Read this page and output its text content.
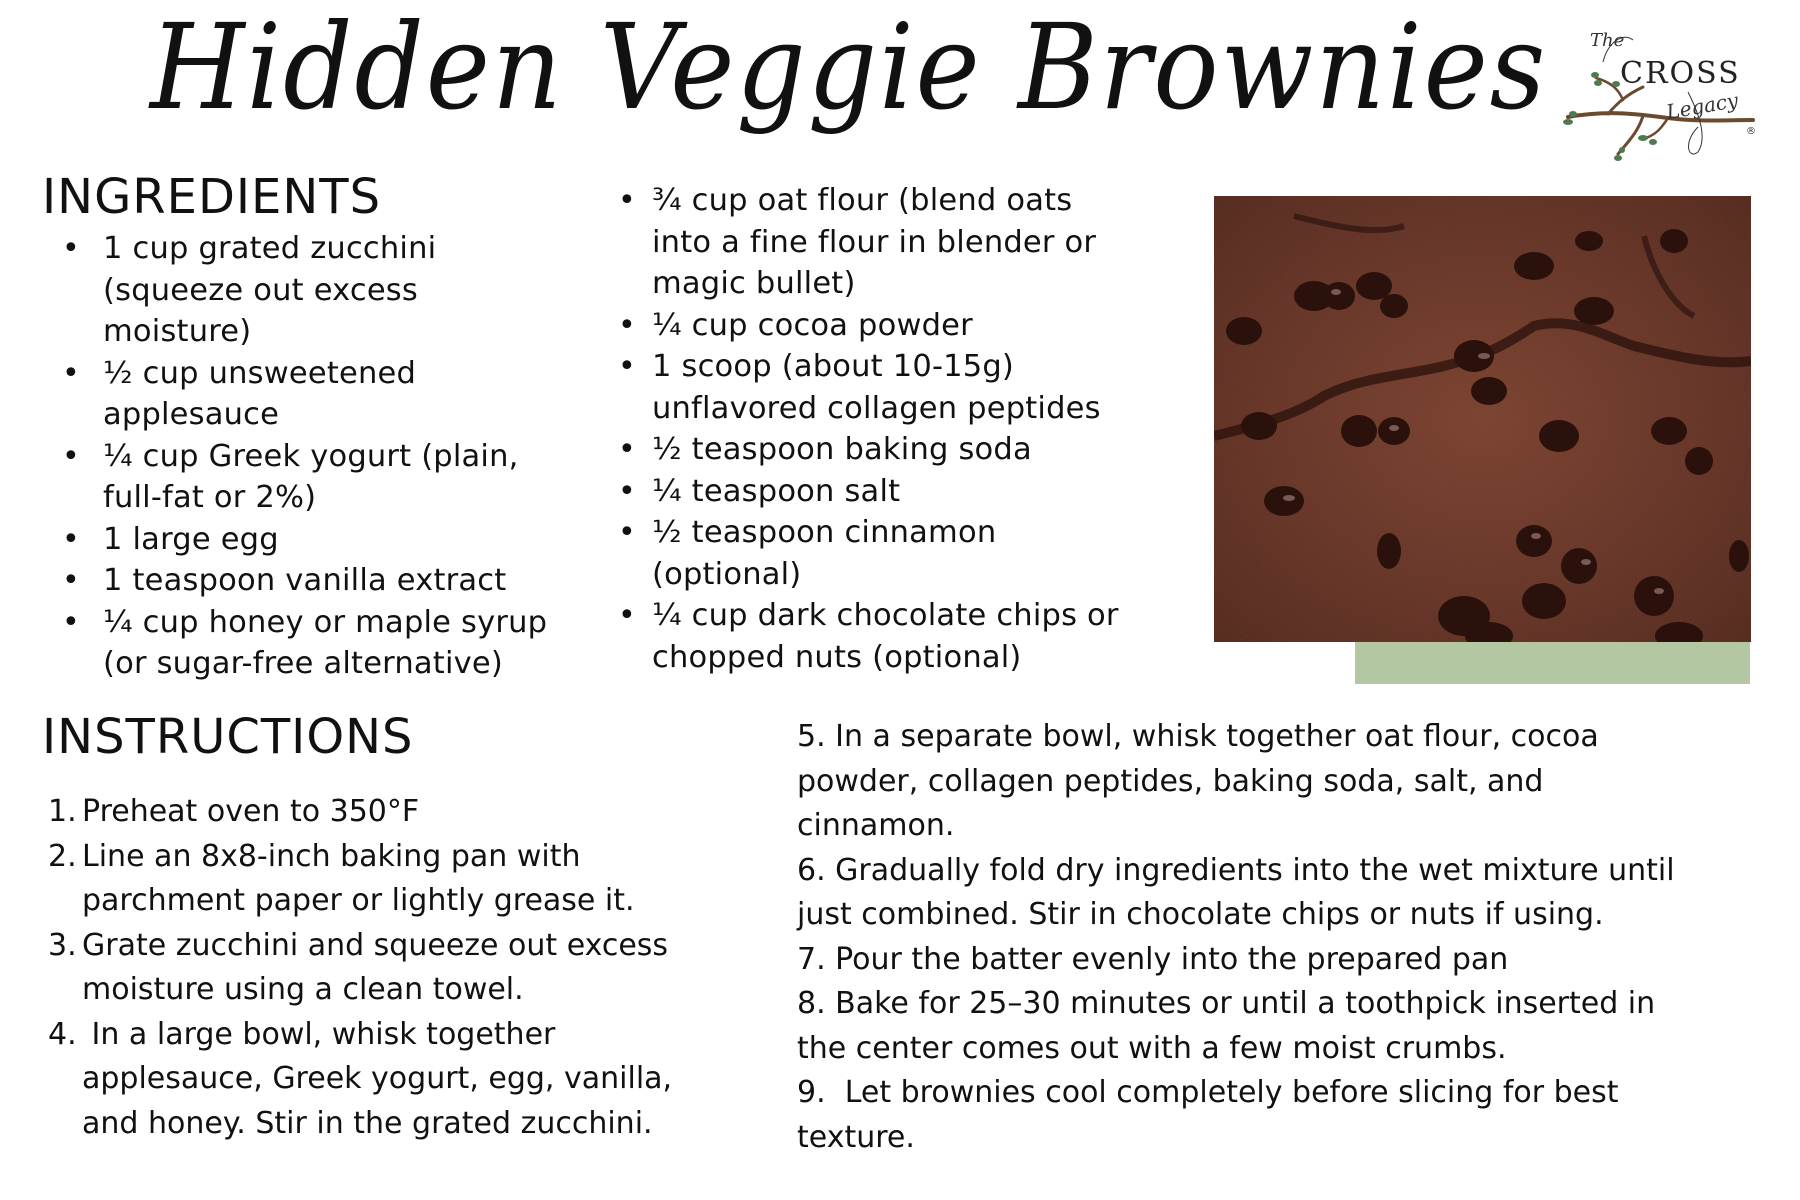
Hidden Veggie Brownies The
CROSS
Legacy
®
INGREDIENTS
• 1 cup grated zucchini
(squeeze out excess
moisture)
• ½ cup unsweetened
applesauce
• ¼ cup Greek yogurt (plain,
full-fat or 2%)
• 1 large egg
• 1 teaspoon vanilla extract
• ¼ cup honey or maple syrup
(or sugar-free alternative)
• ¾ cup oat flour (blend oats
into a fine flour in blender or
magic bullet)
• ¼ cup cocoa powder
• 1 scoop (about 10-15g)
unflavored collagen peptides
• ½ teaspoon baking soda
• ¼ teaspoon salt
• ½ teaspoon cinnamon
(optional)
• ¼ cup dark chocolate chips or
chopped nuts (optional)
INSTRUCTIONS
1. Preheat oven to 350°F
2. Line an 8x8-inch baking pan with
parchment paper or lightly grease it.
3. Grate zucchini and squeeze out excess
moisture using a clean towel.
4. In a large bowl, whisk together
applesauce, Greek yogurt, egg, vanilla,
and honey. Stir in the grated zucchini.
5. In a separate bowl, whisk together oat flour, cocoa
powder, collagen peptides, baking soda, salt, and
cinnamon.
6. Gradually fold dry ingredients into the wet mixture until
just combined. Stir in chocolate chips or nuts if using.
7. Pour the batter evenly into the prepared pan
8. Bake for 25–30 minutes or until a toothpick inserted in
the center comes out with a few moist crumbs.
9.  Let brownies cool completely before slicing for best
texture.
